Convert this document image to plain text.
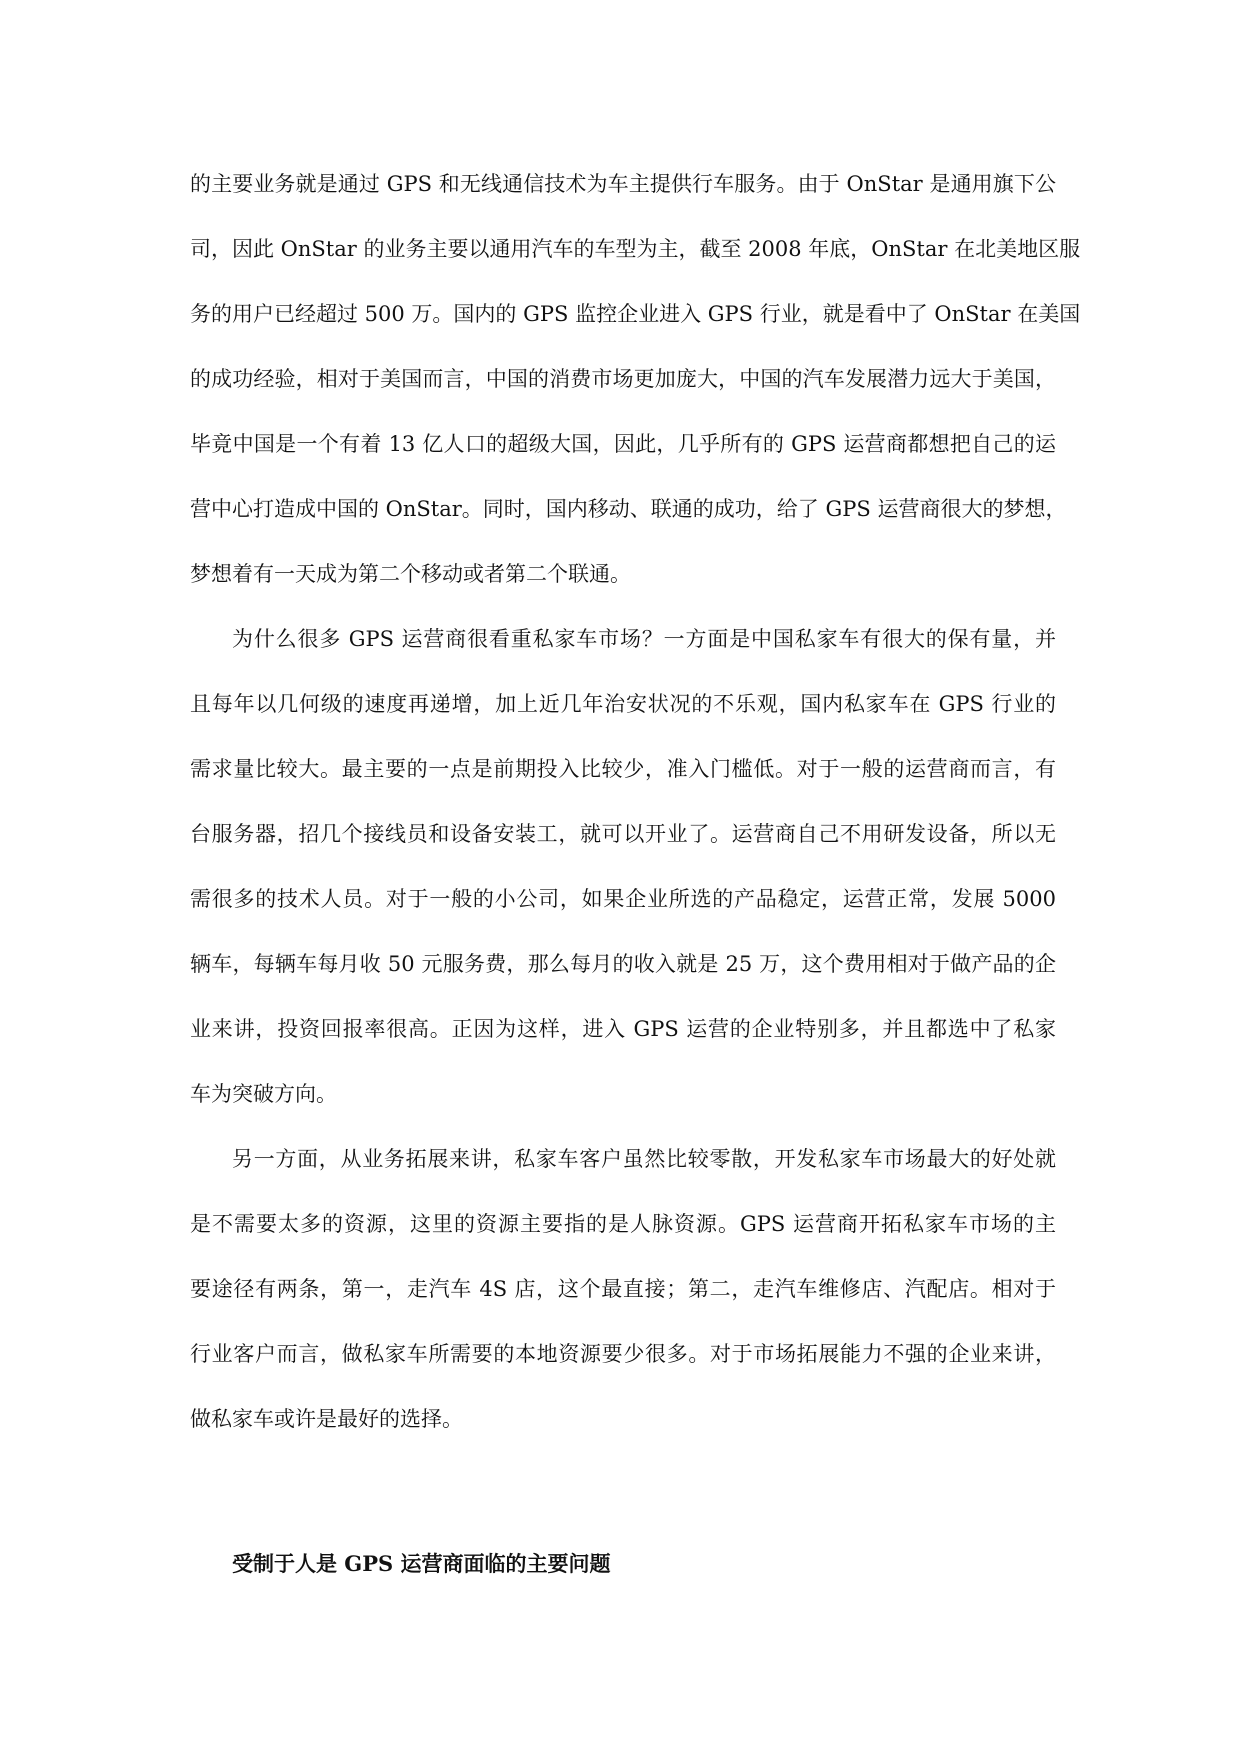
的主要业务就是通过 GPS 和无线通信技术为车主提供行车服务。由于 OnStar 是通用旗下公
司，因此 OnStar 的业务主要以通用汽车的车型为主，截至 2008 年底，OnStar 在北美地区服
务的用户已经超过 500 万。国内的 GPS 监控企业进入 GPS 行业，就是看中了 OnStar 在美国
的成功经验，相对于美国而言，中国的消费市场更加庞大，中国的汽车发展潜力远大于美国，
毕竟中国是一个有着 13 亿人口的超级大国，因此，几乎所有的 GPS 运营商都想把自己的运
营中心打造成中国的 OnStar。同时，国内移动、联通的成功，给了 GPS 运营商很大的梦想，
梦想着有一天成为第二个移动或者第二个联通。
为什么很多 GPS 运营商很看重私家车市场？一方面是中国私家车有很大的保有量，并
且每年以几何级的速度再递增，加上近几年治安状况的不乐观，国内私家车在 GPS 行业的
需求量比较大。最主要的一点是前期投入比较少，准入门槛低。对于一般的运营商而言，有
台服务器，招几个接线员和设备安装工，就可以开业了。运营商自己不用研发设备，所以无
需很多的技术人员。对于一般的小公司，如果企业所选的产品稳定，运营正常，发展 5000
辆车，每辆车每月收 50 元服务费，那么每月的收入就是 25 万，这个费用相对于做产品的企
业来讲，投资回报率很高。正因为这样，进入 GPS 运营的企业特别多，并且都选中了私家
车为突破方向。
另一方面，从业务拓展来讲，私家车客户虽然比较零散，开发私家车市场最大的好处就
是不需要太多的资源，这里的资源主要指的是人脉资源。GPS 运营商开拓私家车市场的主
要途径有两条，第一，走汽车 4S 店，这个最直接；第二，走汽车维修店、汽配店。相对于
行业客户而言，做私家车所需要的本地资源要少很多。对于市场拓展能力不强的企业来讲，
做私家车或许是最好的选择。
受制于人是 GPS 运营商面临的主要问题
